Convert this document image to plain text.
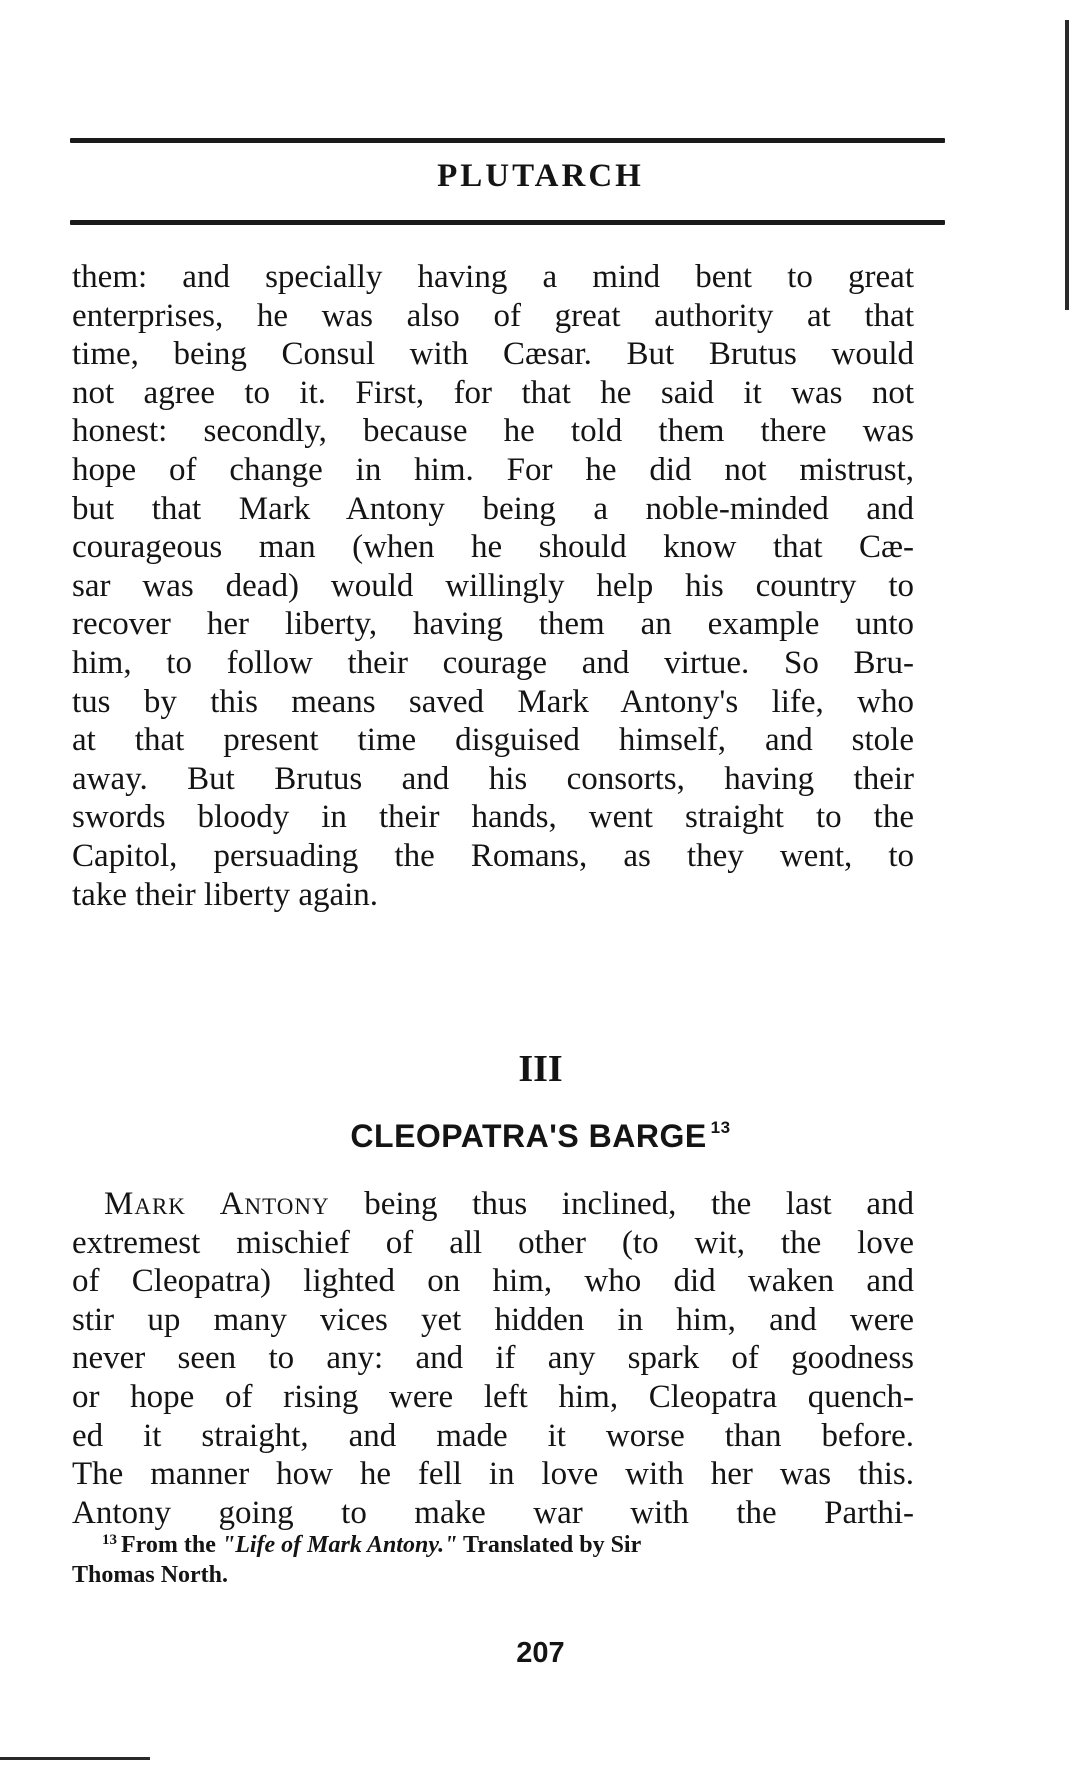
PLUTARCH
them: and specially having a mind bent to great
enterprises, he was also of great authority at that
time, being Consul with Cæsar. But Brutus would
not agree to it. First, for that he said it was not
honest: secondly, because he told them there was
hope of change in him. For he did not mistrust,
but that Mark Antony being a noble-minded and
courageous man (when he should know that Cæ-
sar was dead) would willingly help his country to
recover her liberty, having them an example unto
him, to follow their courage and virtue. So Bru-
tus by this means saved Mark Antony's life, who
at that present time disguised himself, and stole
away. But Brutus and his consorts, having their
swords bloody in their hands, went straight to the
Capitol, persuading the Romans, as they went, to
take their liberty again.
III
CLEOPATRA'S BARGE $^{13}$
Mark Antony being thus inclined, the last and
extremest mischief of all other (to wit, the love
of Cleopatra) lighted on him, who did waken and
stir up many vices yet hidden in him, and were
never seen to any: and if any spark of goodness
or hope of rising were left him, Cleopatra quench-
ed it straight, and made it worse than before.
The manner how he fell in love with her was this.
Antony going to make war with the Parthi-
$^{13}$ From the "Life of Mark Antony." Translated by Sir
Thomas North.
207
